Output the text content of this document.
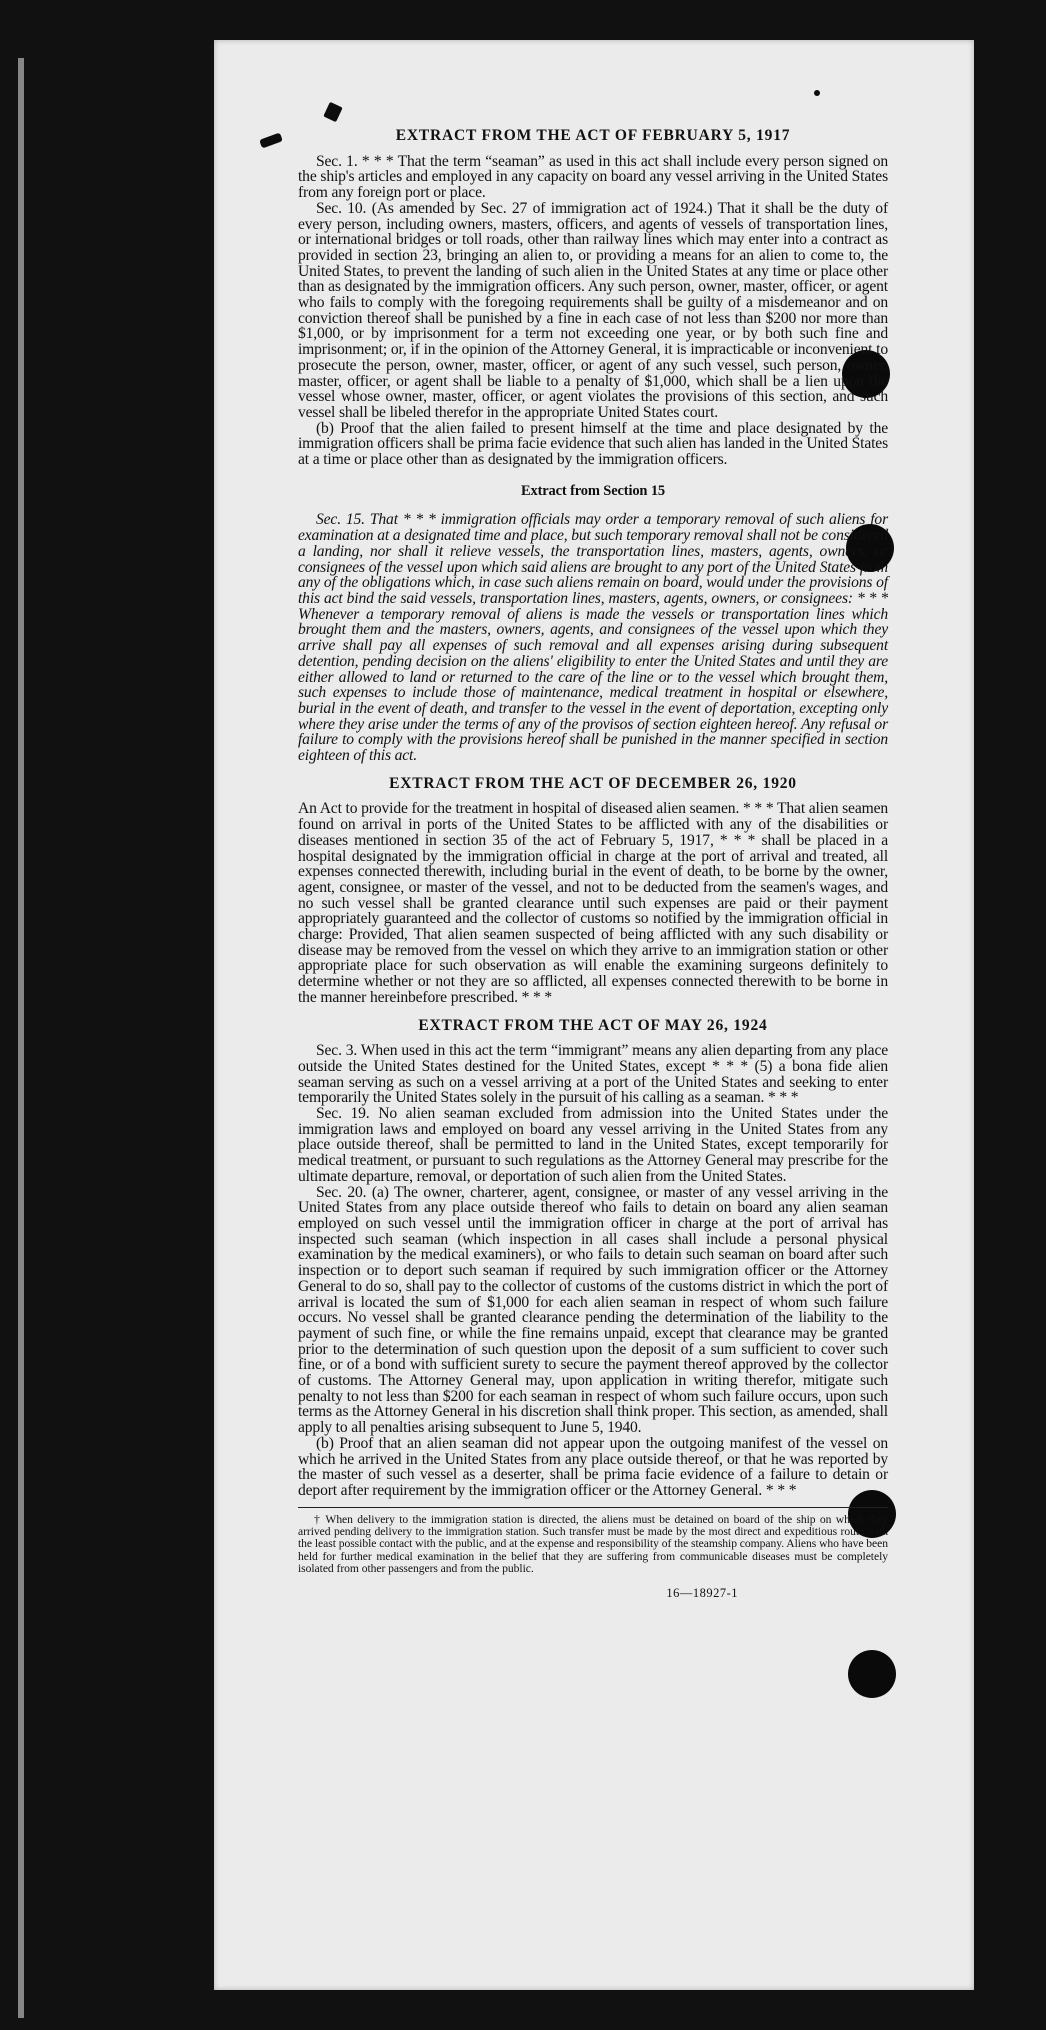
EXTRACT FROM THE ACT OF FEBRUARY 5, 1917

Sec. 1. * * * That the term “seaman” as used in this act shall include every person signed on the ship's articles and employed in any capacity on board any vessel arriving in the United States from any foreign port or place.

Sec. 10. (As amended by Sec. 27 of immigration act of 1924.) That it shall be the duty of every person, including owners, masters, officers, and agents of vessels of transportation lines, or international bridges or toll roads, other than railway lines which may enter into a contract as provided in section 23, bringing an alien to, or providing a means for an alien to come to, the United States, to prevent the landing of such alien in the United States at any time or place other than as designated by the immigration officers. Any such person, owner, master, officer, or agent who fails to comply with the foregoing requirements shall be guilty of a misdemeanor and on conviction thereof shall be punished by a fine in each case of not less than $200 nor more than $1,000, or by imprisonment for a term not exceeding one year, or by both such fine and imprisonment; or, if in the opinion of the Attorney General, it is impracticable or inconvenient to prosecute the person, owner, master, officer, or agent of any such vessel, such person, owner, master, officer, or agent shall be liable to a penalty of $1,000, which shall be a lien upon the vessel whose owner, master, officer, or agent violates the provisions of this section, and such vessel shall be libeled therefor in the appropriate United States court.

(b) Proof that the alien failed to present himself at the time and place designated by the immigration officers shall be prima facie evidence that such alien has landed in the United States at a time or place other than as designated by the immigration officers.

Extract from Section 15

Sec. 15. That * * * immigration officials may order a temporary removal of such aliens for examination at a designated time and place, but such temporary removal shall not be considered a landing, nor shall it relieve vessels, the transportation lines, masters, agents, owners, or consignees of the vessel upon which said aliens are brought to any port of the United States from any of the obligations which, in case such aliens remain on board, would under the provisions of this act bind the said vessels, transportation lines, masters, agents, owners, or consignees: * * * Whenever a temporary removal of aliens is made the vessels or transportation lines which brought them and the masters, owners, agents, and consignees of the vessel upon which they arrive shall pay all expenses of such removal and all expenses arising during subsequent detention, pending decision on the aliens' eligibility to enter the United States and until they are either allowed to land or returned to the care of the line or to the vessel which brought them, such expenses to include those of maintenance, medical treatment in hospital or elsewhere, burial in the event of death, and transfer to the vessel in the event of deportation, excepting only where they arise under the terms of any of the provisos of section eighteen hereof. Any refusal or failure to comply with the provisions hereof shall be punished in the manner specified in section eighteen of this act.

EXTRACT FROM THE ACT OF DECEMBER 26, 1920

An Act to provide for the treatment in hospital of diseased alien seamen. * * * That alien seamen found on arrival in ports of the United States to be afflicted with any of the disabilities or diseases mentioned in section 35 of the act of February 5, 1917, * * * shall be placed in a hospital designated by the immigration official in charge at the port of arrival and treated, all expenses connected therewith, including burial in the event of death, to be borne by the owner, agent, consignee, or master of the vessel, and not to be deducted from the seamen's wages, and no such vessel shall be granted clearance until such expenses are paid or their payment appropriately guaranteed and the collector of customs so notified by the immigration official in charge: Provided, That alien seamen suspected of being afflicted with any such disability or disease may be removed from the vessel on which they arrive to an immigration station or other appropriate place for such observation as will enable the examining surgeons definitely to determine whether or not they are so afflicted, all expenses connected therewith to be borne in the manner hereinbefore prescribed. * * *

EXTRACT FROM THE ACT OF MAY 26, 1924

Sec. 3. When used in this act the term “immigrant” means any alien departing from any place outside the United States destined for the United States, except * * * (5) a bona fide alien seaman serving as such on a vessel arriving at a port of the United States and seeking to enter temporarily the United States solely in the pursuit of his calling as a seaman. * * *

Sec. 19. No alien seaman excluded from admission into the United States under the immigration laws and employed on board any vessel arriving in the United States from any place outside thereof, shall be permitted to land in the United States, except temporarily for medical treatment, or pursuant to such regulations as the Attorney General may prescribe for the ultimate departure, removal, or deportation of such alien from the United States.

Sec. 20. (a) The owner, charterer, agent, consignee, or master of any vessel arriving in the United States from any place outside thereof who fails to detain on board any alien seaman employed on such vessel until the immigration officer in charge at the port of arrival has inspected such seaman (which inspection in all cases shall include a personal physical examination by the medical examiners), or who fails to detain such seaman on board after such inspection or to deport such seaman if required by such immigration officer or the Attorney General to do so, shall pay to the collector of customs of the customs district in which the port of arrival is located the sum of $1,000 for each alien seaman in respect of whom such failure occurs. No vessel shall be granted clearance pending the determination of the liability to the payment of such fine, or while the fine remains unpaid, except that clearance may be granted prior to the determination of such question upon the deposit of a sum sufficient to cover such fine, or of a bond with sufficient surety to secure the payment thereof approved by the collector of customs. The Attorney General may, upon application in writing therefor, mitigate such penalty to not less than $200 for each seaman in respect of whom such failure occurs, upon such terms as the Attorney General in his discretion shall think proper. This section, as amended, shall apply to all penalties arising subsequent to June 5, 1940.

(b) Proof that an alien seaman did not appear upon the outgoing manifest of the vessel on which he arrived in the United States from any place outside thereof, or that he was reported by the master of such vessel as a deserter, shall be prima facie evidence of a failure to detain or deport after requirement by the immigration officer or the Attorney General. * * *

† When delivery to the immigration station is directed, the aliens must be detained on board of the ship on which they arrived pending delivery to the immigration station. Such transfer must be made by the most direct and expeditious route with the least possible contact with the public, and at the expense and responsibility of the steamship company. Aliens who have been held for further medical examination in the belief that they are suffering from communicable diseases must be completely isolated from other passengers and from the public.

16—18927-1
